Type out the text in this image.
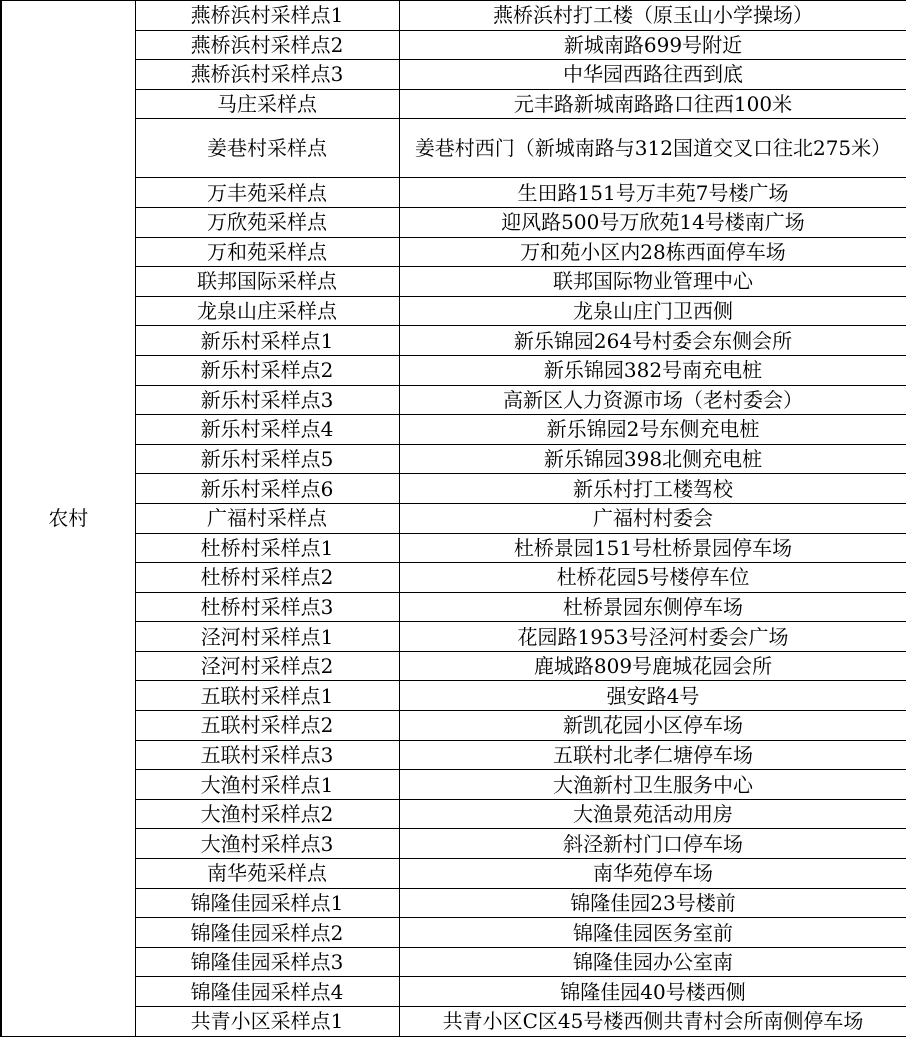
农村	燕桥浜村采样点1	燕桥浜村打工楼（原玉山小学操场）
	燕桥浜村采样点2	新城南路699号附近
	燕桥浜村采样点3	中华园西路往西到底
	马庄采样点	元丰路新城南路路口往西100米
	姜巷村采样点	姜巷村西门（新城南路与312国道交叉口往北275米）
	万丰苑采样点	生田路151号万丰苑7号楼广场
	万欣苑采样点	迎风路500号万欣苑14号楼南广场
	万和苑采样点	万和苑小区内28栋西面停车场
	联邦国际采样点	联邦国际物业管理中心
	龙泉山庄采样点	龙泉山庄门卫西侧
	新乐村采样点1	新乐锦园264号村委会东侧会所
	新乐村采样点2	新乐锦园382号南充电桩
	新乐村采样点3	高新区人力资源市场（老村委会）
	新乐村采样点4	新乐锦园2号东侧充电桩
	新乐村采样点5	新乐锦园398北侧充电桩
	新乐村采样点6	新乐村打工楼驾校
	广福村采样点	广福村村委会
	杜桥村采样点1	杜桥景园151号杜桥景园停车场
	杜桥村采样点2	杜桥花园5号楼停车位
	杜桥村采样点3	杜桥景园东侧停车场
	泾河村采样点1	花园路1953号泾河村委会广场
	泾河村采样点2	鹿城路809号鹿城花园会所
	五联村采样点1	强安路4号
	五联村采样点2	新凯花园小区停车场
	五联村采样点3	五联村北孝仁塘停车场
	大渔村采样点1	大渔新村卫生服务中心
	大渔村采样点2	大渔景苑活动用房
	大渔村采样点3	斜泾新村门口停车场
	南华苑采样点	南华苑停车场
	锦隆佳园采样点1	锦隆佳园23号楼前
	锦隆佳园采样点2	锦隆佳园医务室前
	锦隆佳园采样点3	锦隆佳园办公室南
	锦隆佳园采样点4	锦隆佳园40号楼西侧
	共青小区采样点1	共青小区C区45号楼西侧共青村会所南侧停车场
